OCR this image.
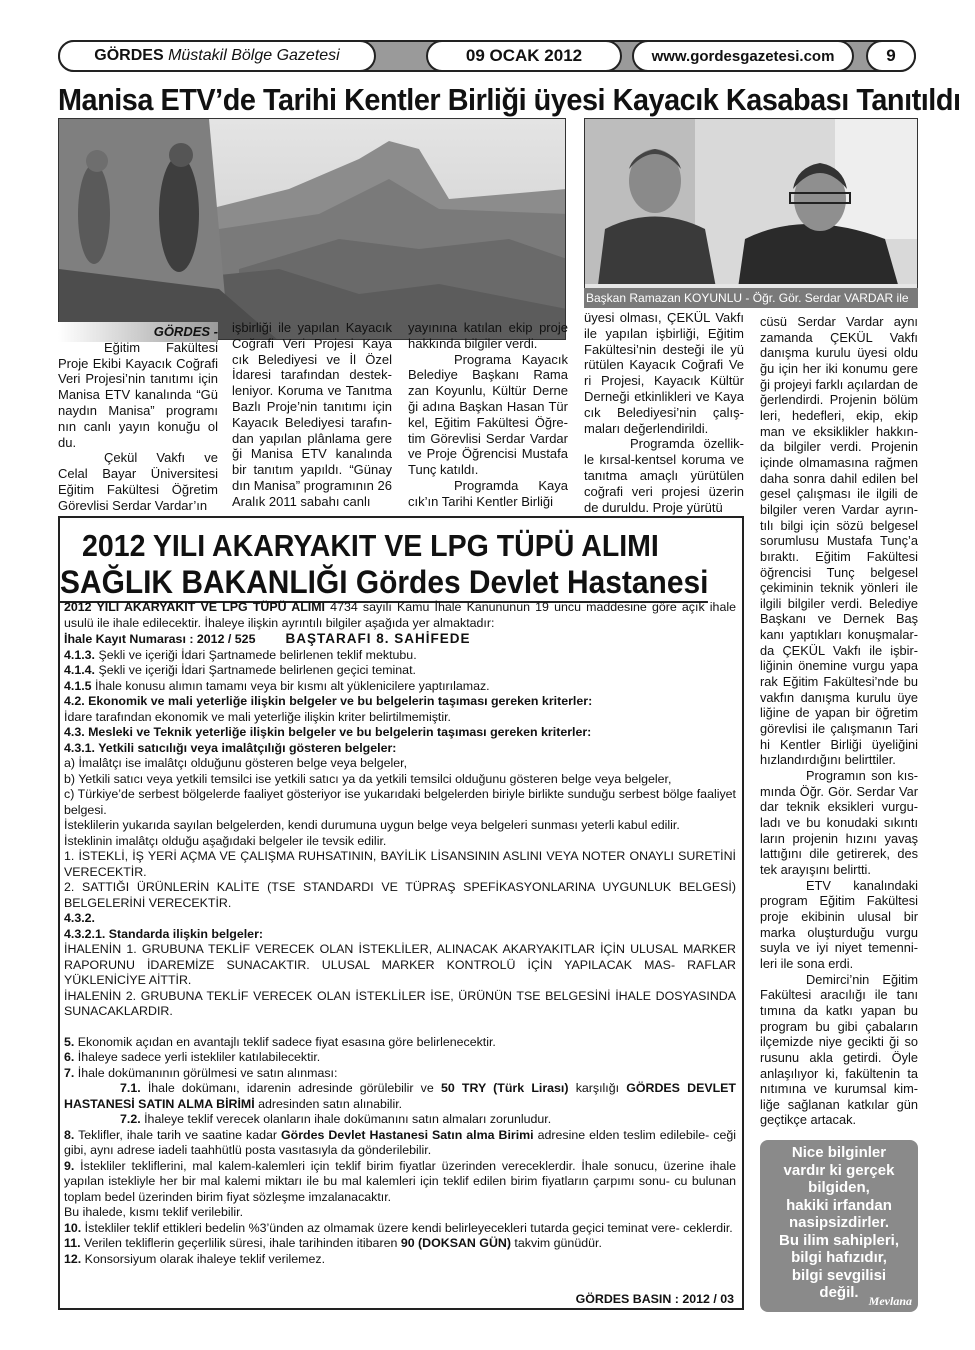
GÖRDES
Müstakil Bölge Gazetesi	09 OCAK 2012	www.gordesgazetesi.com	9
Manisa ETV’de Tarihi Kentler Birliği üyesi Kayacık Kasabası Tanıtıldı
Başkan Ramazan KOYUNLU - Öğr. Gör. Serdar VARDAR ile

GÖRDES -

Eğitim Fakültesi Proje Ekibi Kayacık Coğrafi Veri Projesi’nin tanıtımı için Manisa ETV kanalında “Gü naydın Manisa” programı nın canlı yayın konuğu ol du.

Çekül Vakfı ve Celal Bayar Üniversitesi Eğitim Fakültesi Öğretim Görevlisi Serdar Vardar’ın

işbirliği ile yapılan Kayacık Coğrafi Veri Projesi Kaya cık Belediyesi ve İl Özel İdaresi tarafından destek- leniyor. Koruma ve Tanıtma Bazlı Proje’nin tanıtımı için Kayacık Belediyesi tarafın- dan yapılan plânlama gere ği Manisa ETV kanalında bir tanıtım yapıldı. “Günay dın Manisa” programının 26 Aralık 2011 sabahı canlı

yayınına katılan ekip proje hakkında bilgiler verdi.

Programa Kayacık Belediye Başkanı Rama zan Koyunlu, Kültür Derne ği adına Başkan Hasan Tür kel, Eğitim Fakültesi Öğre- tim Görevlisi Serdar Vardar ve Proje Öğrencisi Mustafa Tunç katıldı.

Programda Kaya cık’ın Tarihi Kentler Birliği

üyesi olması, ÇEKÜL Vakfı ile yapılan işbirliği, Eğitim Fakültesi’nin desteği ile yü rütülen Kayacık Coğrafi Ve ri Projesi, Kayacık Kültür Derneği etkinlikleri ve Kaya cık Belediyesi’nin çalış- maları değerlendirildi.

Programda özellik- le kırsal-kentsel koruma ve tanıtma amaçlı yürütülen coğrafi veri projesi üzerin de duruldu. Proje yürütü

cüsü Serdar Vardar aynı zamanda ÇEKÜL Vakfı danışma kurulu üyesi oldu ğu için her iki konumu gere ği projeyi farklı açılardan de ğerlendirdi. Projenin bölüm leri, hedefleri, ekip, ekip man ve eksiklikler hakkın- da bilgiler verdi. Projenin içinde olmamasına rağmen daha sonra dahil edilen bel gesel çalışması ile ilgili de bilgiler veren Vardar ayrın- tılı bilgi için sözü belgesel sorumlusu Mustafa Tunç’a bıraktı. Eğitim Fakültesi öğrencisi Tunç belgesel çekiminin teknik yönleri ile ilgili bilgiler verdi. Belediye Başkanı ve Dernek Baş kanı yaptıkları konuşmalar- da ÇEKÜL Vakfı ile işbir- liğinin önemine vurgu yapa rak Eğitim Fakültesi’nde bu vakfın danışma kurulu üye liğine de yapan bir öğretim görevlisi ile çalışmanın Tari hi Kentler Birliği üyeliğini hızlandırdığını belirttiler.

Programın son kıs- mında Öğr. Gör. Serdar Var dar teknik eksikleri vurgu- ladı ve bu konudaki sıkıntı ların projenin hızını yavaş lattığını dile getirerek, des tek arayışını belirtti.

ETV kanalındaki program Eğitim Fakültesi proje ekibinin ulusal bir marka oluşturduğu vurgu suyla ve iyi niyet temenni- leri ile sona erdi.

Demirci’nin Eğitim Fakültesi aracılığı ile tanı tımına da katkı yapan bu program bu gibi çabaların ilçemizde niye gecikti ği so rusunu akla getirdi. Öyle anlaşılıyor ki, fakültenin ta nıtımına ve kurumsal kim- liğe sağlanan katkılar gün geçtikçe artacak.

2012 YILI AKARYAKIT VE LPG TÜPÜ ALIMI
SAĞLIK BAKANLIĞI Gördes Devlet Hastanesi

2012 YILI AKARYAKIT VE LPG TÜPÜ ALIMI 4734 sayılı Kamu İhale Kanununun 19 uncu maddesine göre açık ihale usulü ile ihale edilecektir. İhaleye ilişkin ayrıntılı bilgiler aşağıda yer almaktadır:

İhale Kayıt Numarası : 2012 / 525 BAŞTARAFI 8. SAHİFEDE

4.1.3. Şekli ve içeriği İdari Şartnamede belirlenen teklif mektubu.

4.1.4. Şekli ve içeriği İdari Şartnamede belirlenen geçici teminat.

4.1.5 İhale konusu alımın tamamı veya bir kısmı alt yüklenicilere yaptırılamaz.

4.2. Ekonomik ve mali yeterliğe ilişkin belgeler ve bu belgelerin taşıması gereken kriterler:

İdare tarafından ekonomik ve mali yeterliğe ilişkin kriter belirtilmemiştir.

4.3. Mesleki ve Teknik yeterliğe ilişkin belgeler ve bu belgelerin taşıması gereken kriterler:

4.3.1. Yetkili satıcılığı veya imalâtçılığı gösteren belgeler:

a) İmalâtçı ise imalâtçı olduğunu gösteren belge veya belgeler,

b) Yetkili satıcı veya yetkili temsilci ise yetkili satıcı ya da yetkili temsilci olduğunu gösteren belge veya belgeler,

c) Türkiye’de serbest bölgelerde faaliyet gösteriyor ise yukarıdaki belgelerden biriyle birlikte sunduğu serbest bölge faaliyet belgesi.

İsteklilerin yukarıda sayılan belgelerden, kendi durumuna uygun belge veya belgeleri sunması yeterli kabul edilir.

İsteklinin imalâtçı olduğu aşağıdaki belgeler ile tevsik edilir.

1. İSTEKLİ, İŞ YERİ AÇMA VE ÇALIŞMA RUHSATININ, BAYİLİK LİSANSININ ASLINI VEYA NOTER ONAYLI SURETİNİ VERECEKTİR.

2. SATTIĞI ÜRÜNLERİN KALİTE (TSE STANDARDI VE TÜPRAŞ SPEFİKASYONLARINA UYGUNLUK BELGESİ) BELGELERİNİ VERECEKTİR.

4.3.2.

4.3.2.1. Standarda ilişkin belgeler:

İHALENİN 1. GRUBUNA TEKLİF VERECEK OLAN İSTEKLİLER, ALINACAK AKARYAKITLAR İÇİN ULUSAL MARKER RAPORUNU İDAREMİZE SUNACAKTIR. ULUSAL MARKER KONTROLÜ İÇİN YAPILACAK MAS- RAFLAR YÜKLENİCİYE AİTTİR.

İHALENİN 2. GRUBUNA TEKLİF VERECEK OLAN İSTEKLİLER İSE, ÜRÜNÜN TSE BELGESİNİ İHALE DOSYASINDA SUNACAKLARDIR.

5. Ekonomik açıdan en avantajlı teklif sadece fiyat esasına göre belirlenecektir.

6. İhaleye sadece yerli istekliler katılabilecektir.

7. İhale dokümanının görülmesi ve satın alınması:

7.1. İhale dokümanı, idarenin adresinde görülebilir ve 50 TRY (Türk Lirası) karşılığı GÖRDES DEVLET HASTANESİ SATIN ALMA BİRİMİ adresinden satın alınabilir.

7.2. İhaleye teklif verecek olanların ihale dokümanını satın almaları zorunludur.

8. Teklifler, ihale tarih ve saatine kadar Gördes Devlet Hastanesi Satın alma Birimi adresine elden teslim edilebile- ceği gibi, aynı adrese iadeli taahhütlü posta vasıtasıyla da gönderilebilir.

9. İstekliler tekliflerini, mal kalem-kalemleri için teklif birim fiyatlar üzerinden vereceklerdir. İhale sonucu, üzerine ihale yapılan istekliyle her bir mal kalemi miktarı ile bu mal kalemleri için teklif edilen birim fiyatların çarpımı sonu- cu bulunan toplam bedel üzerinden birim fiyat sözleşme imzalanacaktır.

Bu ihalede, kısmı teklif verilebilir.

10. İstekliler teklif ettikleri bedelin %3’ünden az olmamak üzere kendi belirleyecekleri tutarda geçici teminat vere- ceklerdir.

11. Verilen tekliflerin geçerlilik süresi, ihale tarihinden itibaren 90 (DOKSAN GÜN) takvim günüdür.

12. Konsorsiyum olarak ihaleye teklif verilemez.

GÖRDES BASIN : 2012 / 03
Nice bilginler
vardır ki gerçek
bilgiden,
hakiki irfandan
nasipsizdirler.
Bu ilim sahipleri,
bilgi hafızıdır,
bilgi sevgilisi
değil. Mevlana
